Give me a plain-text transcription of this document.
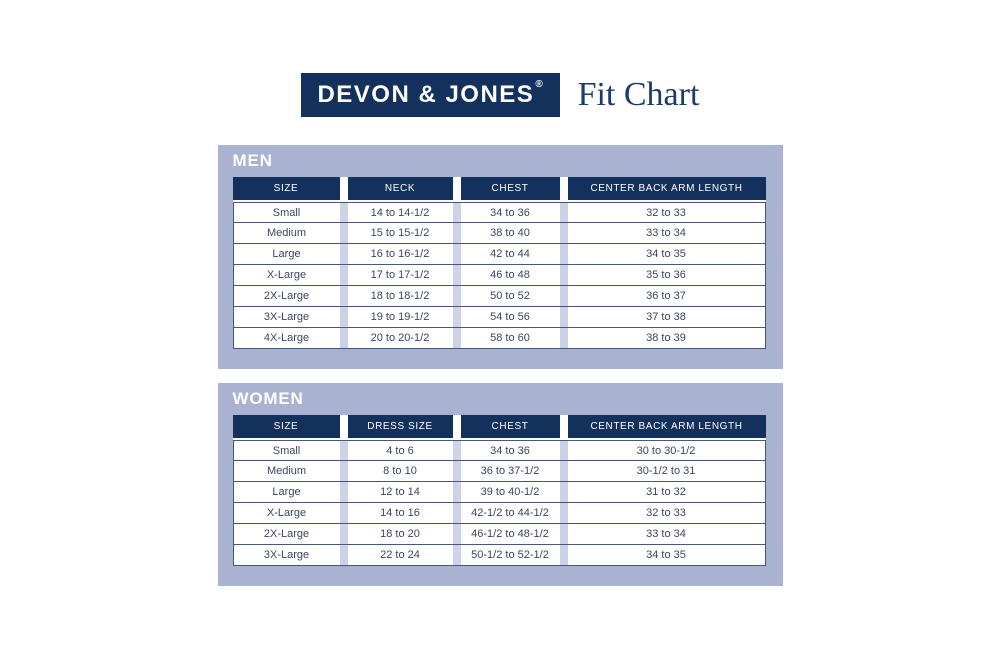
DEVON & JONES ® Fit Chart
MEN
SIZE	NECK	CHEST	CENTER BACK ARM LENGTH
Small	14 to 14-1/2	34 to 36	32 to 33
Medium	15 to 15-1/2	38 to 40	33 to 34
Large	16 to 16-1/2	42 to 44	34 to 35
X-Large	17 to 17-1/2	46 to 48	35 to 36
2X-Large	18 to 18-1/2	50 to 52	36 to 37
3X-Large	19 to 19-1/2	54 to 56	37 to 38
4X-Large	20 to 20-1/2	58 to 60	38 to 39
WOMEN
SIZE	DRESS SIZE	CHEST	CENTER BACK ARM LENGTH
Small	4 to 6	34 to 36	30 to 30-1/2
Medium	8 to 10	36 to 37-1/2	30-1/2 to 31
Large	12 to 14	39 to 40-1/2	31 to 32
X-Large	14 to 16	42-1/2 to 44-1/2	32 to 33
2X-Large	18 to 20	46-1/2 to 48-1/2	33 to 34
3X-Large	22 to 24	50-1/2 to 52-1/2	34 to 35
